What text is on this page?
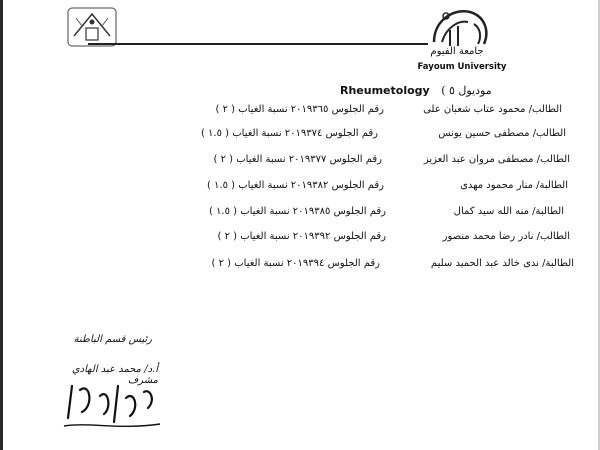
جامعة الفيوم
Fayoum University
Rheumetology ( موديول ٥
الطالب/ محمود عتاب شعبان على
رقم الجلوس ٢٠١٩٣٦٥ نسبة الغياب ( ٢ )
الطالب/ مصطفى حسين يونس
رقم الجلوس ٢٠١٩٣٧٤ نسبة الغياب ( ١.٥ )
الطالب/ مصطفى مروان عبد العزيز
رقم الجلوس ٢٠١٩٣٧٧ نسبة الغياب ( ٢ )
الطالبة/ منار محمود مهدى
رقم الجلوس ٢٠١٩٣٨٢ نسبة الغياب ( ١.٥ )
الطالبة/ منه الله سيد كمال
رقم الجلوس ٢٠١٩٣٨٥ نسبة الغياب ( ١.٥ )
الطالب/ نادر رضا محمد منصور
رقم الجلوس ٢٠١٩٣٩٢ نسبة الغياب ( ٢ )
الطالبة/ ندى خالد عبد الحميد سليم
رقم الجلوس ٢٠١٩٣٩٤ نسبة الغياب ( ٢ )
رئيس قسم الباطنة
أ.د/ محمد عبد الهادي مشرف
